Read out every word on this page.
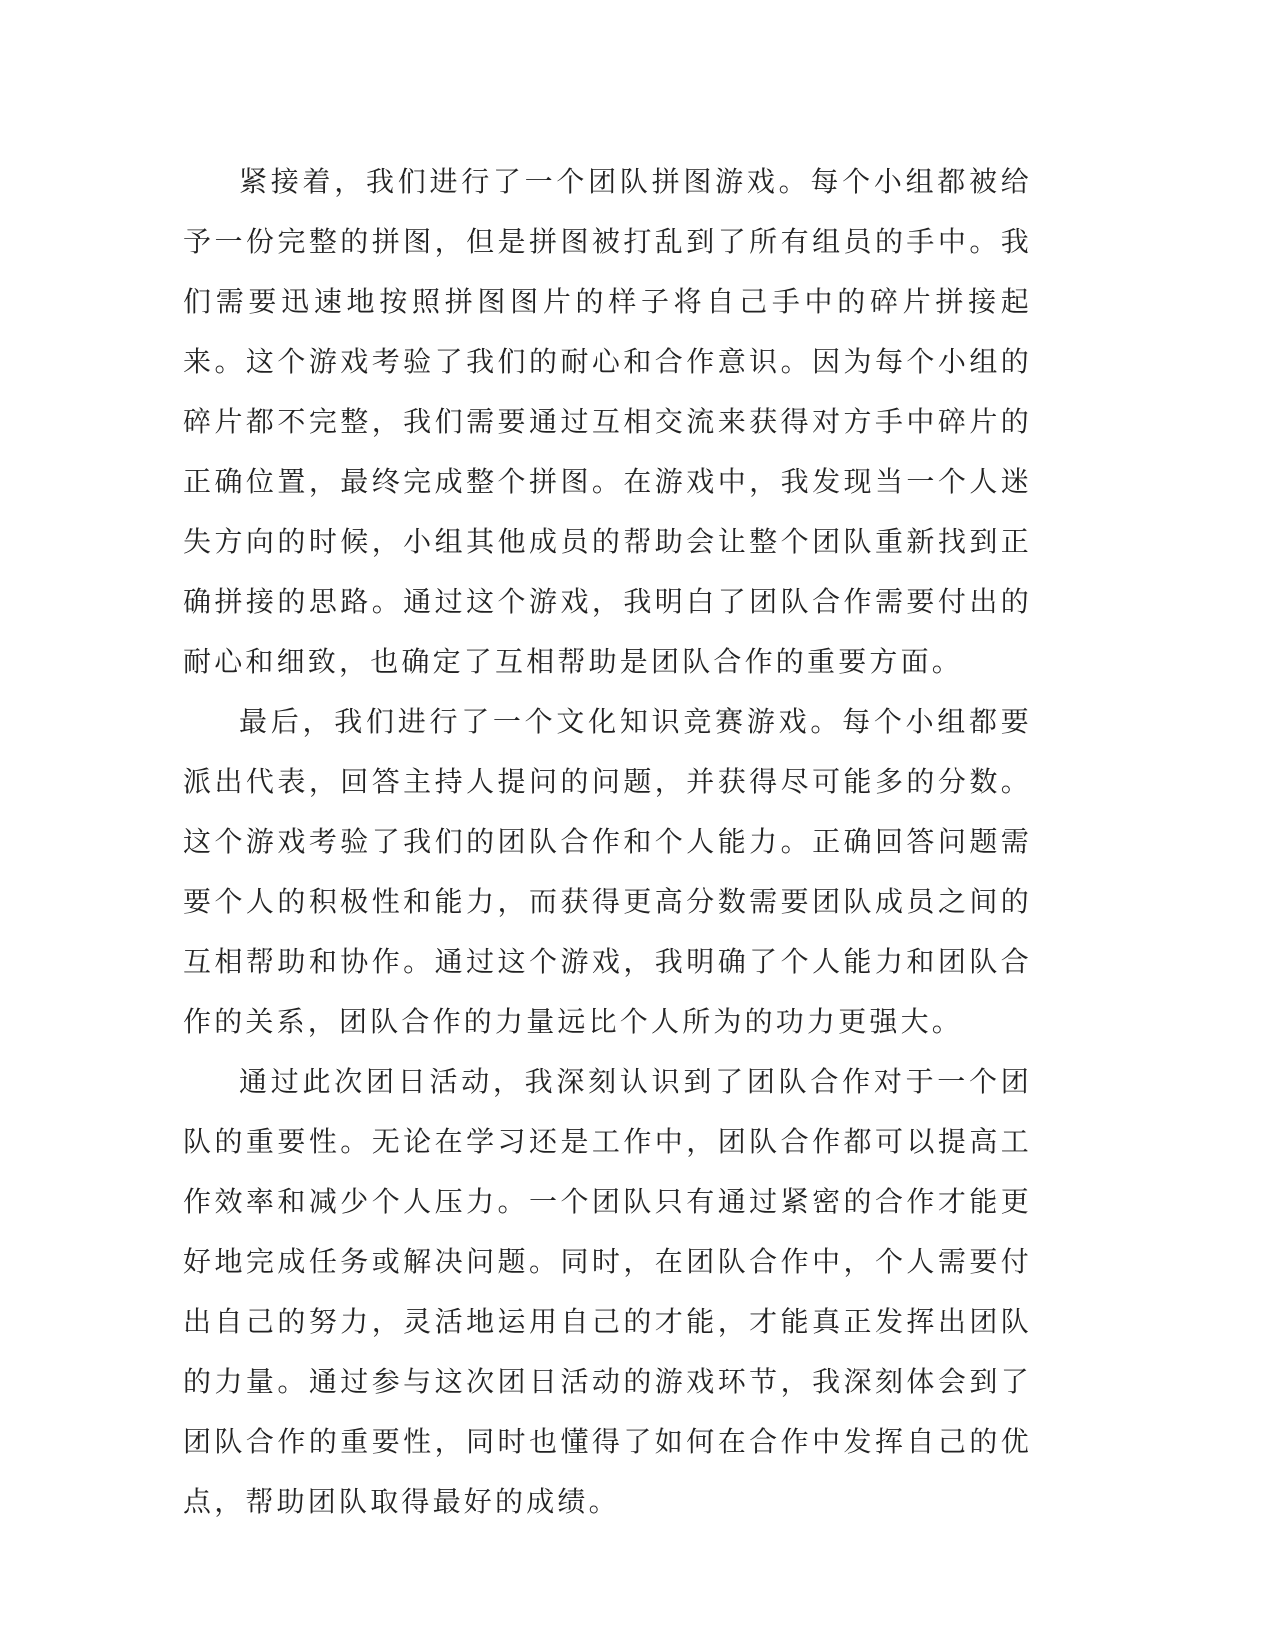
紧接着，我们进行了一个团队拼图游戏。每个小组都被给予一份完整的拼图，但是拼图被打乱到了所有组员的手中。我们需要迅速地按照拼图图片的样子将自己手中的碎片拼接起来。这个游戏考验了我们的耐心和合作意识。因为每个小组的碎片都不完整，我们需要通过互相交流来获得对方手中碎片的正确位置，最终完成整个拼图。在游戏中，我发现当一个人迷失方向的时候，小组其他成员的帮助会让整个团队重新找到正确拼接的思路。通过这个游戏，我明白了团队合作需要付出的耐心和细致，也确定了互相帮助是团队合作的重要方面。

最后，我们进行了一个文化知识竞赛游戏。每个小组都要派出代表，回答主持人提问的问题，并获得尽可能多的分数。这个游戏考验了我们的团队合作和个人能力。正确回答问题需要个人的积极性和能力，而获得更高分数需要团队成员之间的互相帮助和协作。通过这个游戏，我明确了个人能力和团队合作的关系，团队合作的力量远比个人所为的功力更强大。

通过此次团日活动，我深刻认识到了团队合作对于一个团队的重要性。无论在学习还是工作中，团队合作都可以提高工作效率和减少个人压力。一个团队只有通过紧密的合作才能更好地完成任务或解决问题。同时，在团队合作中，个人需要付出自己的努力，灵活地运用自己的才能，才能真正发挥出团队的力量。通过参与这次团日活动的游戏环节，我深刻体会到了团队合作的重要性，同时也懂得了如何在合作中发挥自己的优点，帮助团队取得最好的成绩。
